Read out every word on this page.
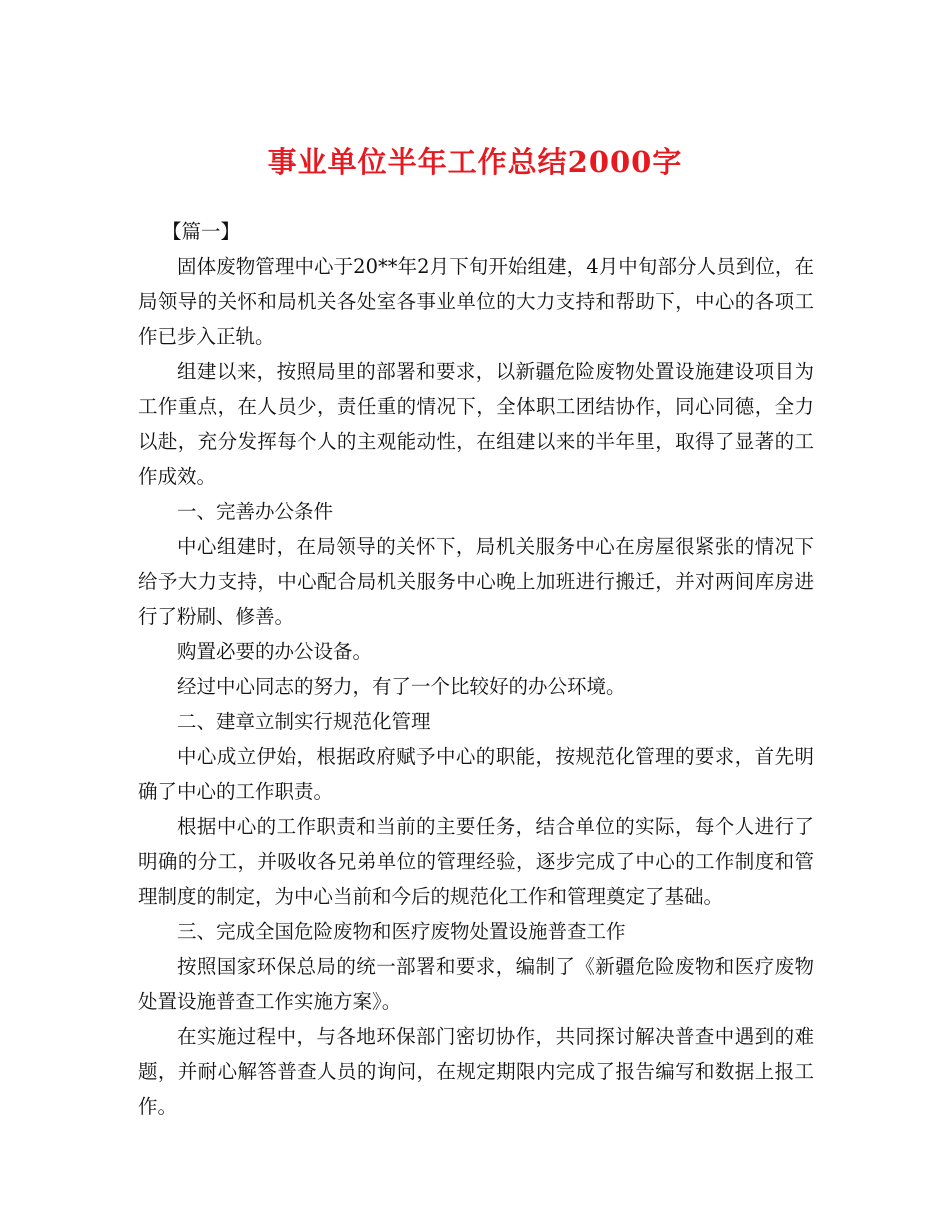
事业单位半年工作总结2000字

【篇一】

固体废物管理中心于20**年2月下旬开始组建，4月中旬部分人员到位，在局领导的关怀和局机关各处室各事业单位的大力支持和帮助下，中心的各项工作已步入正轨。

组建以来，按照局里的部署和要求，以新疆危险废物处置设施建设项目为工作重点，在人员少，责任重的情况下，全体职工团结协作，同心同德，全力以赴，充分发挥每个人的主观能动性，在组建以来的半年里，取得了显著的工作成效。

一、完善办公条件

中心组建时，在局领导的关怀下，局机关服务中心在房屋很紧张的情况下给予大力支持，中心配合局机关服务中心晚上加班进行搬迁，并对两间库房进行了粉刷、修善。

购置必要的办公设备。

经过中心同志的努力，有了一个比较好的办公环境。

二、建章立制实行规范化管理

中心成立伊始，根据政府赋予中心的职能，按规范化管理的要求，首先明确了中心的工作职责。

根据中心的工作职责和当前的主要任务，结合单位的实际，每个人进行了明确的分工，并吸收各兄弟单位的管理经验，逐步完成了中心的工作制度和管理制度的制定，为中心当前和今后的规范化工作和管理奠定了基础。

三、完成全国危险废物和医疗废物处置设施普查工作

按照国家环保总局的统一部署和要求，编制了《新疆危险废物和医疗废物处置设施普查工作实施方案》。

在实施过程中，与各地环保部门密切协作，共同探讨解决普查中遇到的难题，并耐心解答普查人员的询问，在规定期限内完成了报告编写和数据上报工作。
